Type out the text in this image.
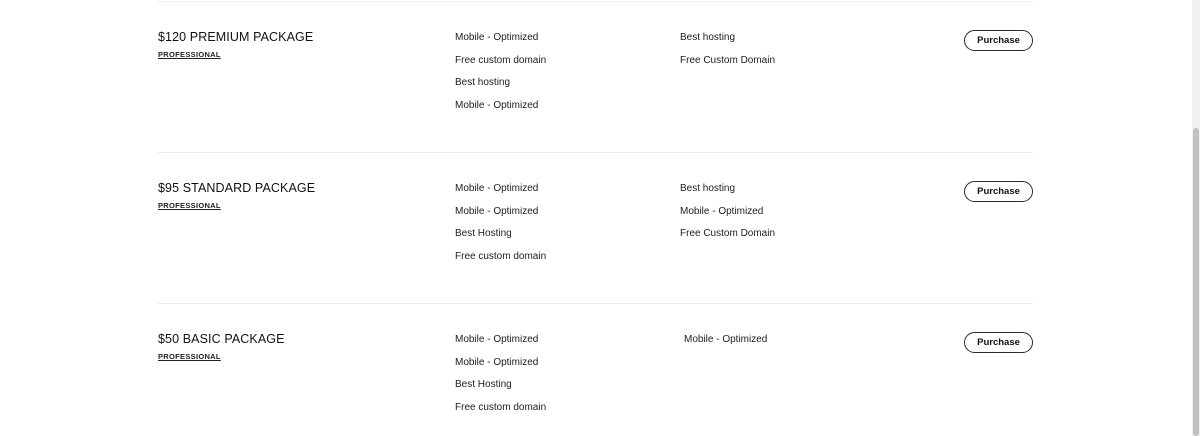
$120 PREMIUM PACKAGE
PROFESSIONAL
Mobile - Optimized
Free custom domain
Best hosting
Mobile - Optimized
Best hosting
Free Custom Domain
Purchase
$95 STANDARD PACKAGE
PROFESSIONAL
Mobile - Optimized
Mobile - Optimized
Best Hosting
Free custom domain
Best hosting
Mobile - Optimized
Free Custom Domain
Purchase
$50 BASIC PACKAGE
PROFESSIONAL
Mobile - Optimized
Mobile - Optimized
Best Hosting
Free custom domain
Mobile - Optimized	Purchase
